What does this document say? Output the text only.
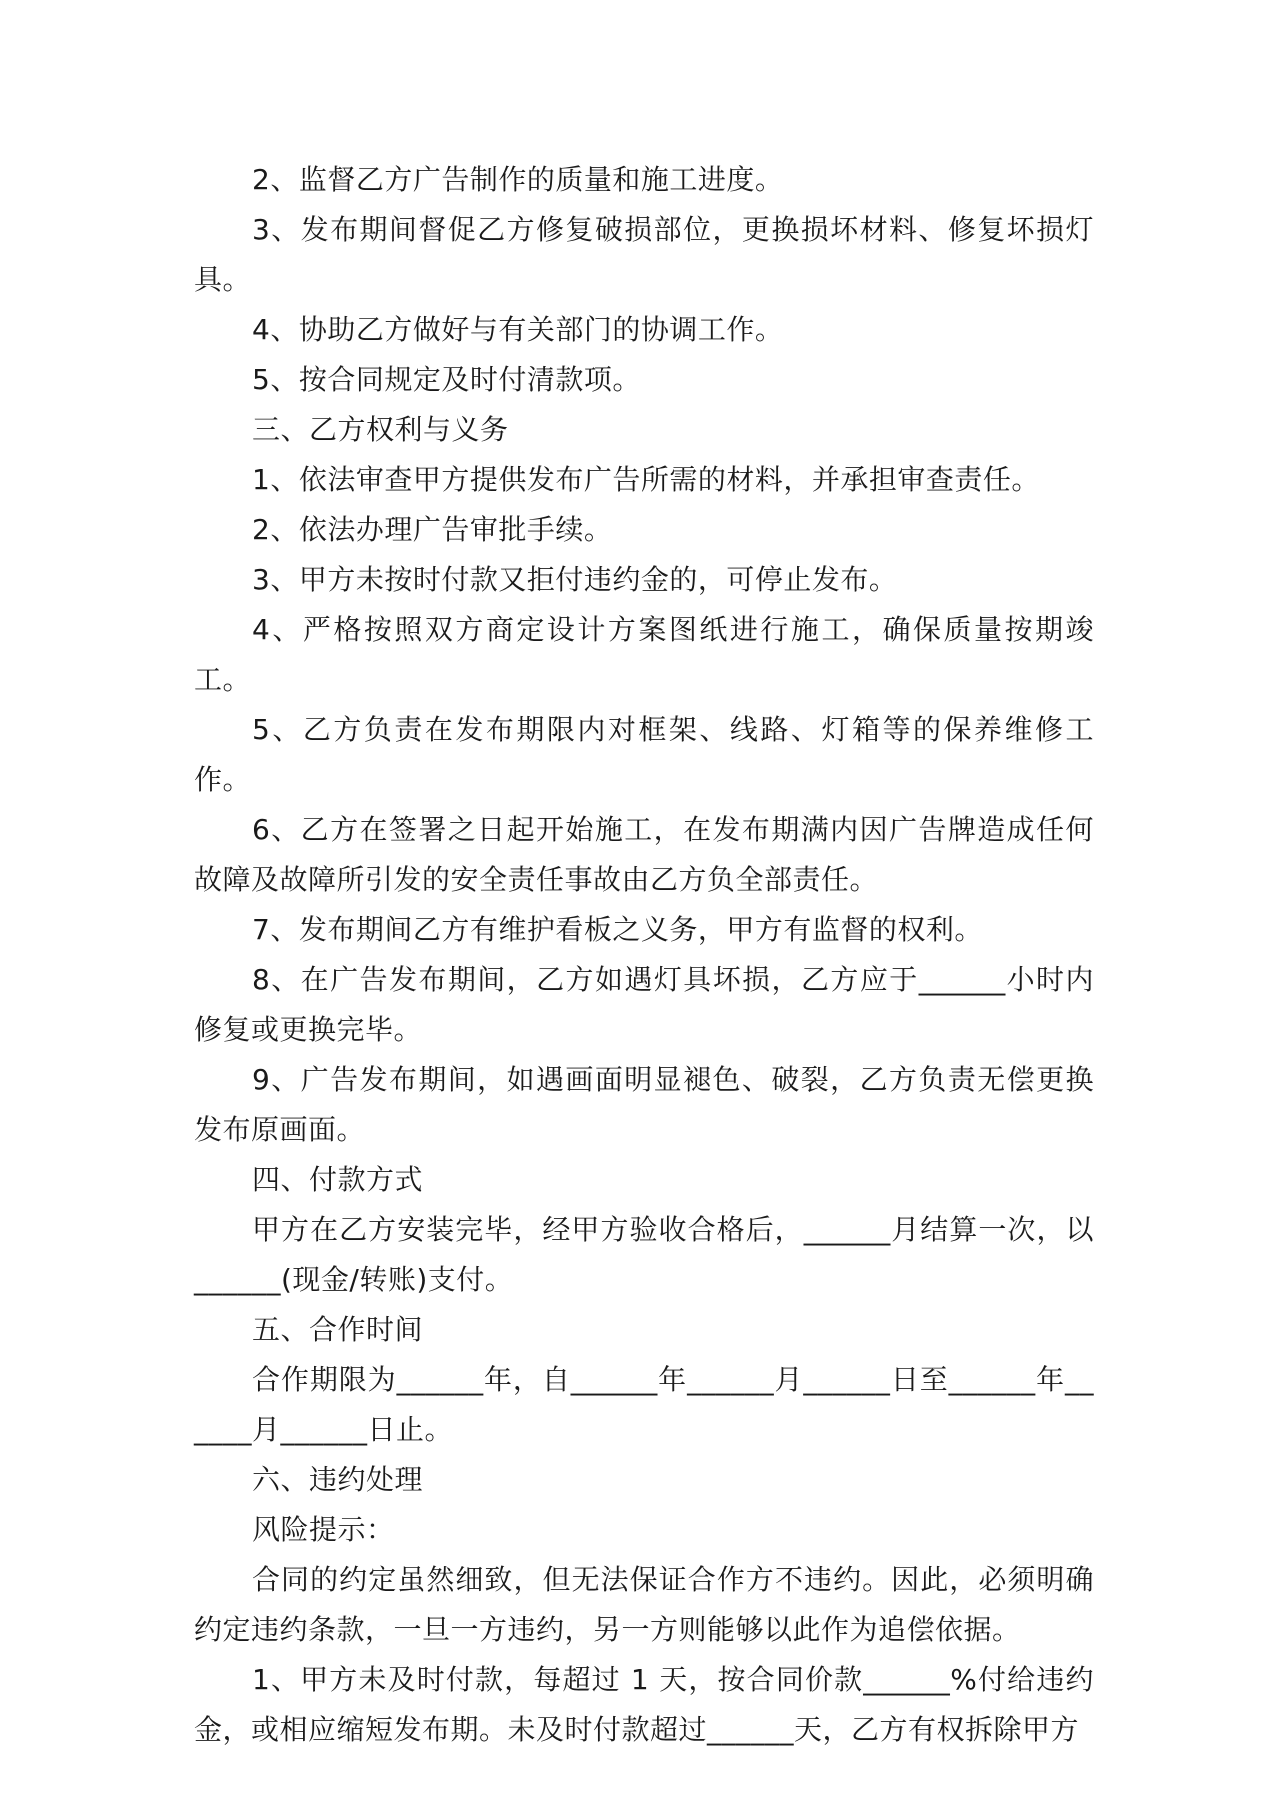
2、监督乙方广告制作的质量和施工进度。

3、发布期间督促乙方修复破损部位，更换损坏材料、修复坏损灯具。

4、协助乙方做好与有关部门的协调工作。

5、按合同规定及时付清款项。

三、乙方权利与义务

1、依法审查甲方提供发布广告所需的材料，并承担审查责任。

2、依法办理广告审批手续。

3、甲方未按时付款又拒付违约金的，可停止发布。

4、严格按照双方商定设计方案图纸进行施工，确保质量按期竣工。

5、乙方负责在发布期限内对框架、线路、灯箱等的保养维修工作。

6、乙方在签署之日起开始施工，在发布期满内因广告牌造成任何故障及故障所引发的安全责任事故由乙方负全部责任。

7、发布期间乙方有维护看板之义务，甲方有监督的权利。

8、在广告发布期间，乙方如遇灯具坏损，乙方应于______小时内修复或更换完毕。

9、广告发布期间，如遇画面明显褪色、破裂，乙方负责无偿更换发布原画面。

四、付款方式

甲方在乙方安装完毕，经甲方验收合格后，______月结算一次，以______(现金/转账)支付。

五、合作时间

合作期限为______年，自______年______月______日至______年______月______日止。

六、违约处理

风险提示：

合同的约定虽然细致，但无法保证合作方不违约。因此，必须明确约定违约条款，一旦一方违约，另一方则能够以此作为追偿依据。

1、甲方未及时付款，每超过 1 天，按合同价款______%付给违约金，或相应缩短发布期。未及时付款超过______天，乙方有权拆除甲方
